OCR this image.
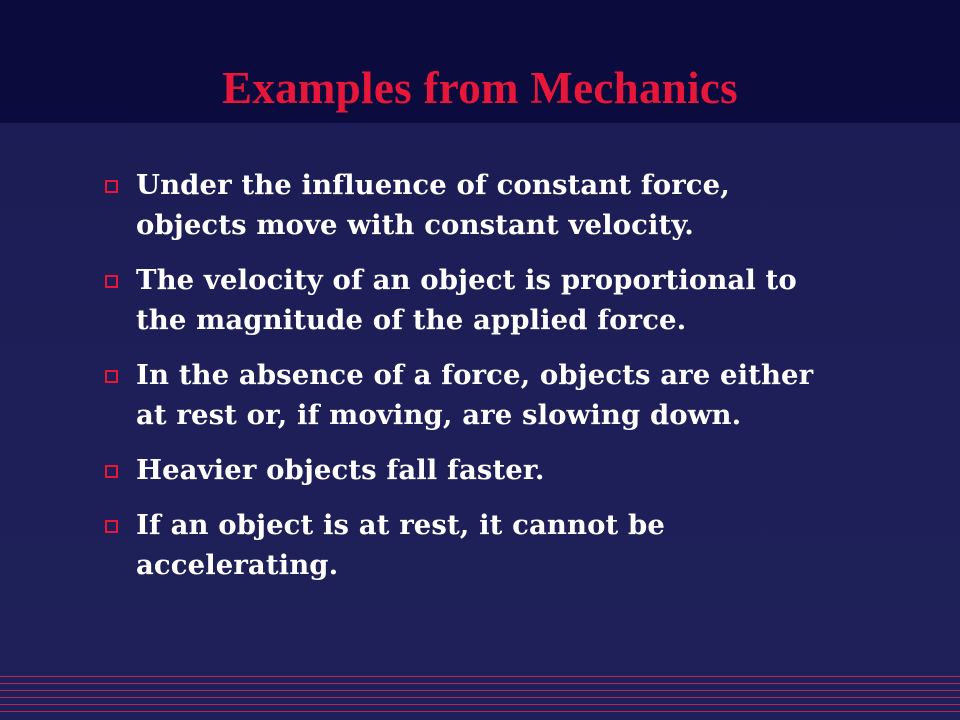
Examples from Mechanics
Under the influence of constant force, objects move with constant velocity.
The velocity of an object is proportional to the magnitude of the applied force.
In the absence of a force, objects are either at rest or, if moving, are slowing down.
Heavier objects fall faster.
If an object is at rest, it cannot be accelerating.
